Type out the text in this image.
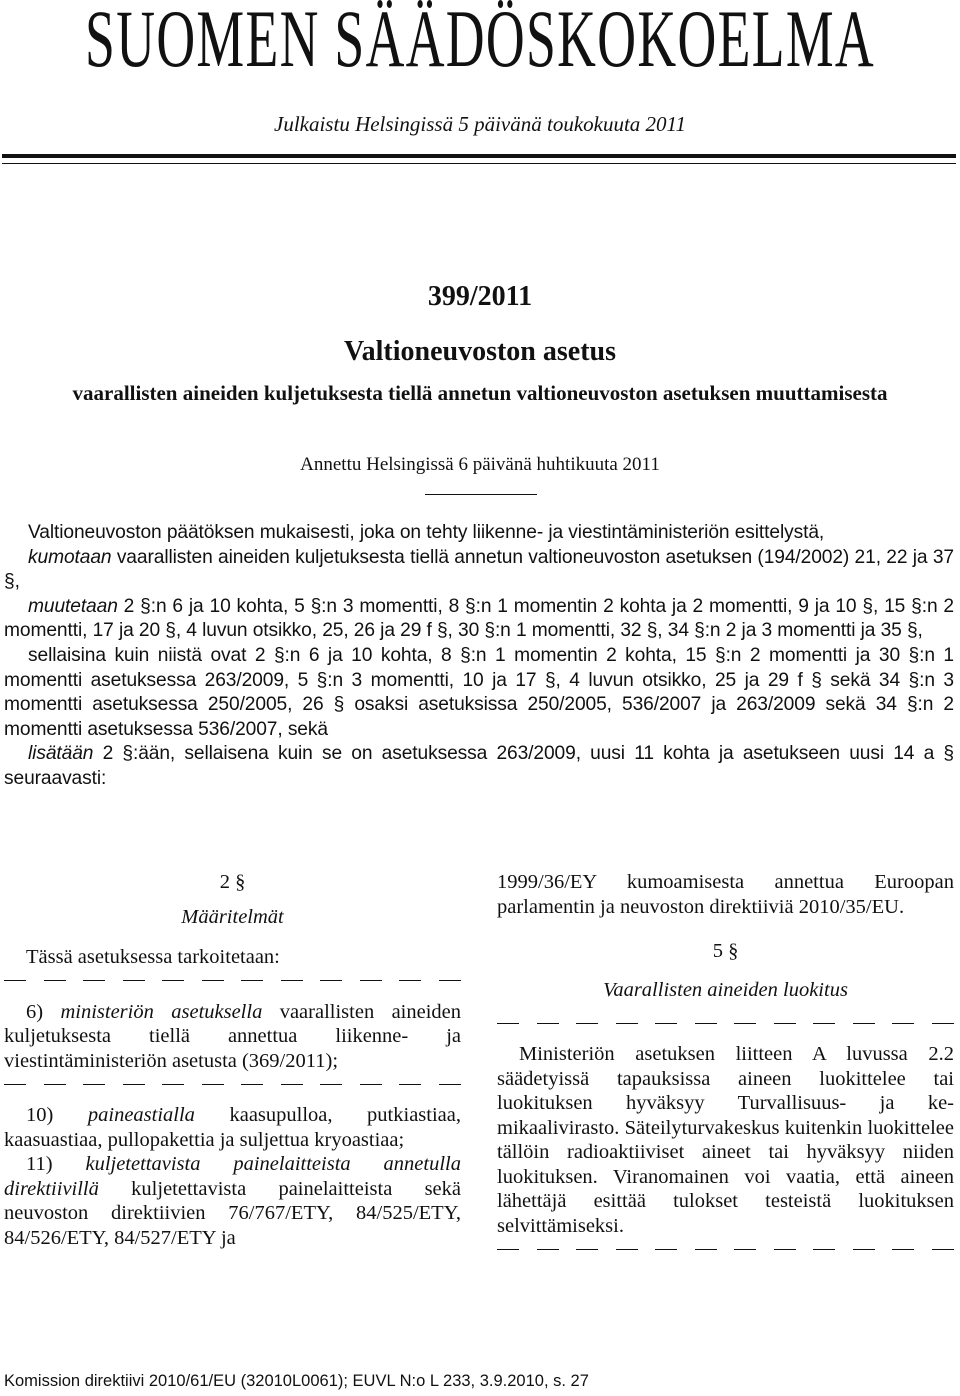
SUOMEN SÄÄDÖSKOKOELMA
Julkaistu Helsingissä 5 päivänä toukokuuta 2011
399/2011
Valtioneuvoston asetus
vaarallisten aineiden kuljetuksesta tiellä annetun valtioneuvoston asetuksen muuttamisesta
Annettu Helsingissä 6 päivänä huhtikuuta 2011

Valtioneuvoston päätöksen mukaisesti, joka on tehty liikenne- ja viestintäministeriön esittelystä,

kumotaan vaarallisten aineiden kuljetuksesta tiellä annetun valtioneuvoston asetuksen (194/2002) 21, 22 ja 37 §,

muutetaan 2 §:n 6 ja 10 kohta, 5 §:n 3 momentti, 8 §:n 1 momentin 2 kohta ja 2 momentti, 9 ja 10 §, 15 §:n 2 momentti, 17 ja 20 §, 4 luvun otsikko, 25, 26 ja 29 f §, 30 §:n 1 momentti, 32 §, 34 §:n 2 ja 3 momentti ja 35 §,

sellaisina kuin niistä ovat 2 §:n 6 ja 10 kohta, 8 §:n 1 momentin 2 kohta, 15 §:n 2 momentti ja 30 §:n 1 momentti asetuksessa 263/2009, 5 §:n 3 momentti, 10 ja 17 §, 4 luvun otsikko, 25 ja 29 f § sekä 34 §:n 3 momentti asetuksessa 250/2005, 26 § osaksi asetuksissa 250/2005, 536/2007 ja 263/2009 sekä 34 §:n 2 momentti asetuksessa 536/2007, sekä

lisätään 2 §:ään, sellaisena kuin se on asetuksessa 263/2009, uusi 11 kohta ja asetukseen uusi 14 a § seuraavasti:

2 §

Määritelmät

Tässä asetuksessa tarkoitetaan:

6) ministeriön asetuksella vaarallisten aineiden kuljetuksesta tiellä annettua liikenne- ja viestintäministeriön asetusta (369/2011);

10) paineastialla kaasupulloa, putkiastiaa, kaasuastiaa, pullopakettia ja suljettua kryoastiaa;

11) kuljetettavista painelaitteista annetulla direktiivillä kuljetettavista painelaitteista sekä neuvoston direktiivien 76/767/ETY, 84/525/ETY, 84/526/ETY, 84/527/ETY ja

1999/36/EY kumoamisesta annettua Euroopan parlamentin ja neuvoston direktiiviä 2010/35/EU.

5 §

Vaarallisten aineiden luokitus

Ministeriön asetuksen liitteen A luvussa 2.2 säädetyissä tapauksissa aineen luokittelee tai luokituksen hyväksyy Turvallisuus- ja kemikaalivirasto. Säteilyturvakeskus kuitenkin luokittelee tällöin radioaktiiviset aineet tai hyväksyy niiden luokituksen. Viranomainen voi vaatia, että aineen lähettäjä esittää tulokset testeistä luokituksen selvittämiseksi.

Komission direktiivi 2010/61/EU (32010L0061); EUVL N:o L 233, 3.9.2010, s. 27
